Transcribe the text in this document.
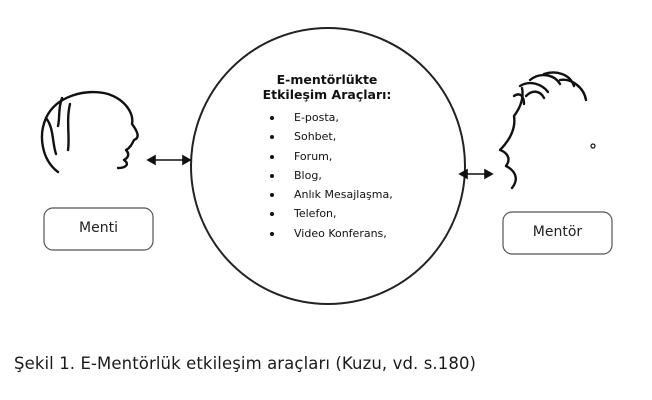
E-mentörlükte
Etkileşim Araçları:
E-posta,
Sohbet,
Forum,
Blog,
Anlık Mesajlaşma,
Telefon,
Video Konferans,
Menti	Mentör
Şekil 1. E-Mentörlük etkileşim araçları (Kuzu, vd. s.180)
